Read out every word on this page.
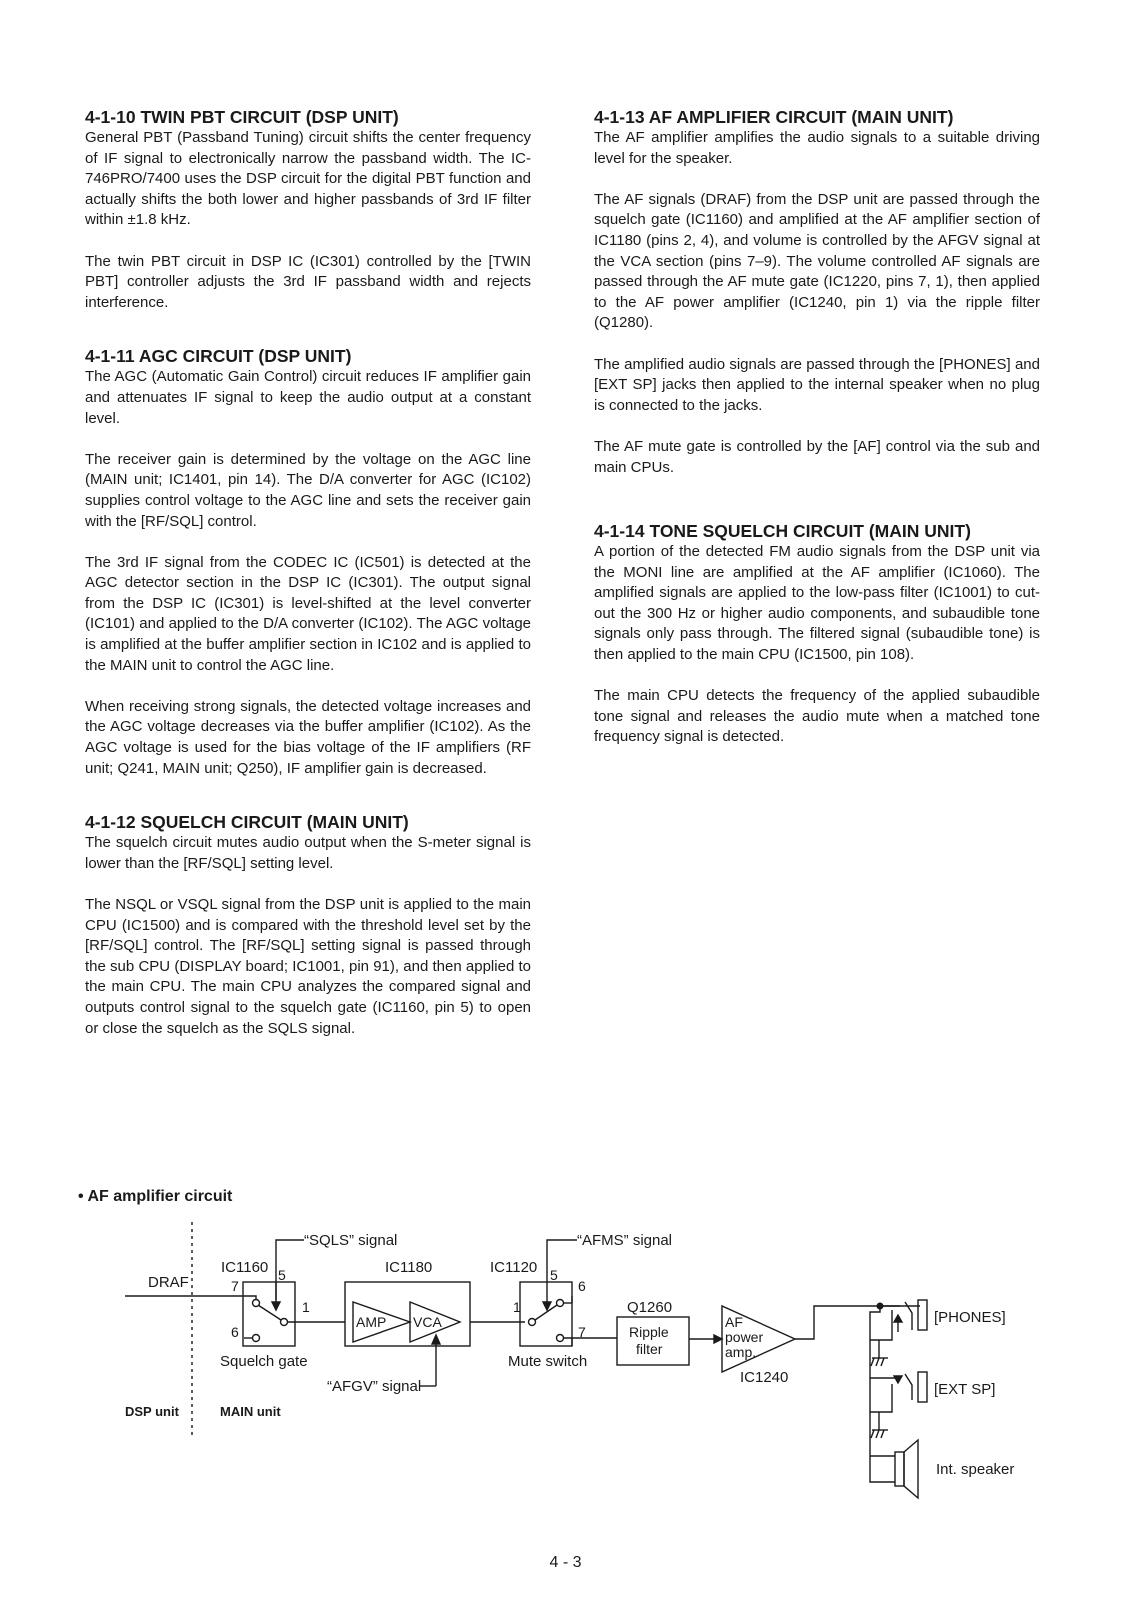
4-1-10 TWIN PBT CIRCUIT (DSP UNIT)

General PBT (Passband Tuning) circuit shifts the center frequency of IF signal to electronically narrow the passband width. The IC-746PRO/7400 uses the DSP circuit for the digital PBT function and actually shifts the both lower and higher passbands of 3rd IF filter within ±1.8 kHz.

The twin PBT circuit in DSP IC (IC301) controlled by the [TWIN PBT] controller adjusts the 3rd IF passband width and rejects interference.

4-1-11 AGC CIRCUIT (DSP UNIT)

The AGC (Automatic Gain Control) circuit reduces IF amplifier gain and attenuates IF signal to keep the audio output at a constant level.

The receiver gain is determined by the voltage on the AGC line (MAIN unit; IC1401, pin 14). The D/A converter for AGC (IC102) supplies control voltage to the AGC line and sets the receiver gain with the [RF/SQL] control.

The 3rd IF signal from the CODEC IC (IC501) is detected at the AGC detector section in the DSP IC (IC301). The output signal from the DSP IC (IC301) is level-shifted at the level converter (IC101) and applied to the D/A converter (IC102). The AGC voltage is amplified at the buffer amplifier section in IC102 and is applied to the MAIN unit to control the AGC line.

When receiving strong signals, the detected voltage increases and the AGC voltage decreases via the buffer amplifier (IC102). As the AGC voltage is used for the bias voltage of the IF amplifiers (RF unit; Q241, MAIN unit; Q250), IF amplifier gain is decreased.

4-1-12 SQUELCH CIRCUIT (MAIN UNIT)

The squelch circuit mutes audio output when the S-meter signal is lower than the [RF/SQL] setting level.

The NSQL or VSQL signal from the DSP unit is applied to the main CPU (IC1500) and is compared with the threshold level set by the [RF/SQL] control. The [RF/SQL] setting signal is passed through the sub CPU (DISPLAY board; IC1001, pin 91), and then applied to the main CPU. The main CPU analyzes the compared signal and outputs control signal to the squelch gate (IC1160, pin 5) to open or close the squelch as the SQLS signal.

4-1-13 AF AMPLIFIER CIRCUIT (MAIN UNIT)

The AF amplifier amplifies the audio signals to a suitable driving level for the speaker.

The AF signals (DRAF) from the DSP unit are passed through the squelch gate (IC1160) and amplified at the AF amplifier section of IC1180 (pins 2, 4), and volume is controlled by the AFGV signal at the VCA section (pins 7–9). The volume controlled AF signals are passed through the AF mute gate (IC1220, pins 7, 1), then applied to the AF power amplifier (IC1240, pin 1) via the ripple filter (Q1280).

The amplified audio signals are passed through the [PHONES] and [EXT SP] jacks then applied to the internal speaker when no plug is connected to the jacks.

The AF mute gate is controlled by the [AF] control via the sub and main CPUs.

4-1-14 TONE SQUELCH CIRCUIT (MAIN UNIT)

A portion of the detected FM audio signals from the DSP unit via the MONI line are amplified at the AF amplifier (IC1060). The amplified signals are applied to the low-pass filter (IC1001) to cut-out the 300 Hz or higher audio components, and subaudible tone signals only pass through. The filtered signal (subaudible tone) is then applied to the main CPU (IC1500, pin 108).

The main CPU detects the frequency of the applied subaudible tone signal and releases the audio mute when a matched tone frequency signal is detected.

• AF amplifier circuit

“SQLS” signal	“AFMS” signal
DRAF
IC1160 5
7
1
6
Squelch gate
IC1180
AMP VCA
“AFGV” signal
IC1120 5
6
1
7
Mute switch
Q1260
Ripple
filter
AF
power
amp.
IC1240
[PHONES]
[EXT SP]
Int. speaker
DSP unit	MAIN unit
4 - 3
